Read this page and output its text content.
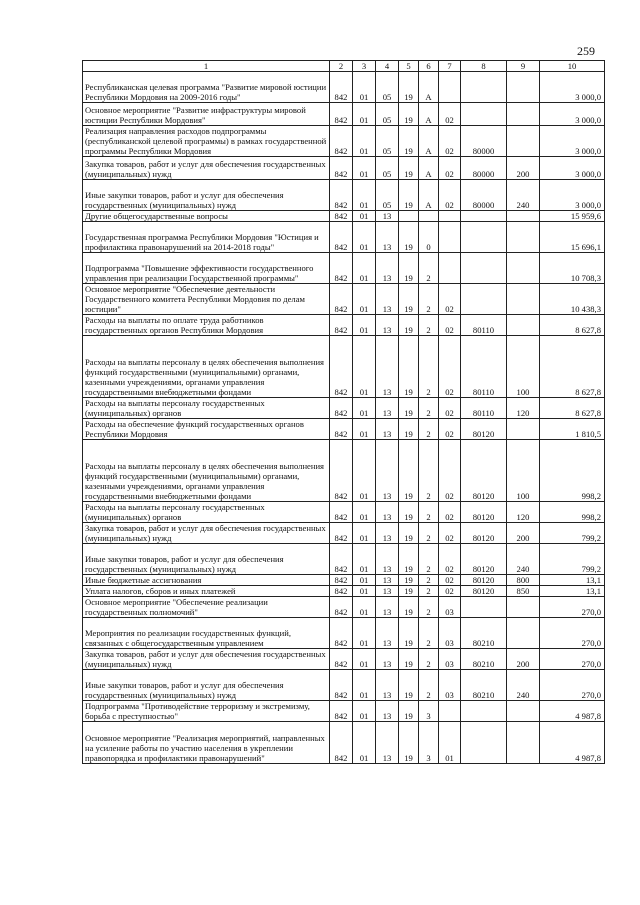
259
1	2	3	4	5	6	7	8	9	10
Республиканская целевая программа "Развитие мировой юстиции Республики Мордовия на 2009-2016 годы"	842	01	05	19	А				3 000,0
Основное мероприятие "Развитие инфраструктуры мировой юстиции Республики Мордовия"	842	01	05	19	А	02			3 000,0
Реализация направления расходов подпрограммы (республиканской целевой программы) в рамках государственной программы Республики Мордовия	842	01	05	19	А	02	80000		3 000,0
Закупка товаров, работ и услуг для обеспечения государственных (муниципальных) нужд	842	01	05	19	А	02	80000	200	3 000,0
Иные закупки товаров, работ и услуг для обеспечения государственных (муниципальных) нужд	842	01	05	19	А	02	80000	240	3 000,0
Другие общегосударственные вопросы	842	01	13						15 959,6
Государственная программа Республики Мордовия "Юстиция и профилактика правонарушений на 2014-2018 годы"	842	01	13	19	0				15 696,1
Подпрограмма "Повышение эффективности государственного управления при реализации Государственной программы"	842	01	13	19	2				10 708,3
Основное мероприятие "Обеспечение деятельности Государственного комитета Республики Мордовия по делам юстиции"	842	01	13	19	2	02			10 438,3
Расходы на выплаты по оплате труда работников государственных органов Республики Мордовия	842	01	13	19	2	02	80110		8 627,8
Расходы на выплаты персоналу в целях обеспечения выполнения функций государственными (муниципальными) органами, казенными учреждениями, органами управления государственными внебюджетными фондами	842	01	13	19	2	02	80110	100	8 627,8
Расходы на выплаты персоналу государственных (муниципальных) органов	842	01	13	19	2	02	80110	120	8 627,8
Расходы на обеспечение функций государственных органов Республики Мордовия	842	01	13	19	2	02	80120		1 810,5
Расходы на выплаты персоналу в целях обеспечения выполнения функций государственными (муниципальными) органами, казенными учреждениями, органами управления государственными внебюджетными фондами	842	01	13	19	2	02	80120	100	998,2
Расходы на выплаты персоналу государственных (муниципальных) органов	842	01	13	19	2	02	80120	120	998,2
Закупка товаров, работ и услуг для обеспечения государственных (муниципальных) нужд	842	01	13	19	2	02	80120	200	799,2
Иные закупки товаров, работ и услуг для обеспечения государственных (муниципальных) нужд	842	01	13	19	2	02	80120	240	799,2
Иные бюджетные ассигнования	842	01	13	19	2	02	80120	800	13,1
Уплата налогов, сборов и иных платежей	842	01	13	19	2	02	80120	850	13,1
Основное мероприятие "Обеспечение реализации государственных полномочий"	842	01	13	19	2	03			270,0
Мероприятия по реализации государственных функций, связанных с общегосударственным управлением	842	01	13	19	2	03	80210		270,0
Закупка товаров, работ и услуг для обеспечения государственных (муниципальных) нужд	842	01	13	19	2	03	80210	200	270,0
Иные закупки товаров, работ и услуг для обеспечения государственных (муниципальных) нужд	842	01	13	19	2	03	80210	240	270,0
Подпрограмма "Противодействие терроризму и экстремизму, борьба с преступностью"	842	01	13	19	3				4 987,8
Основное мероприятие "Реализация мероприятий, направленных на усиление работы по участию населения в укреплении правопорядка и профилактики правонарушений"	842	01	13	19	3	01			4 987,8
